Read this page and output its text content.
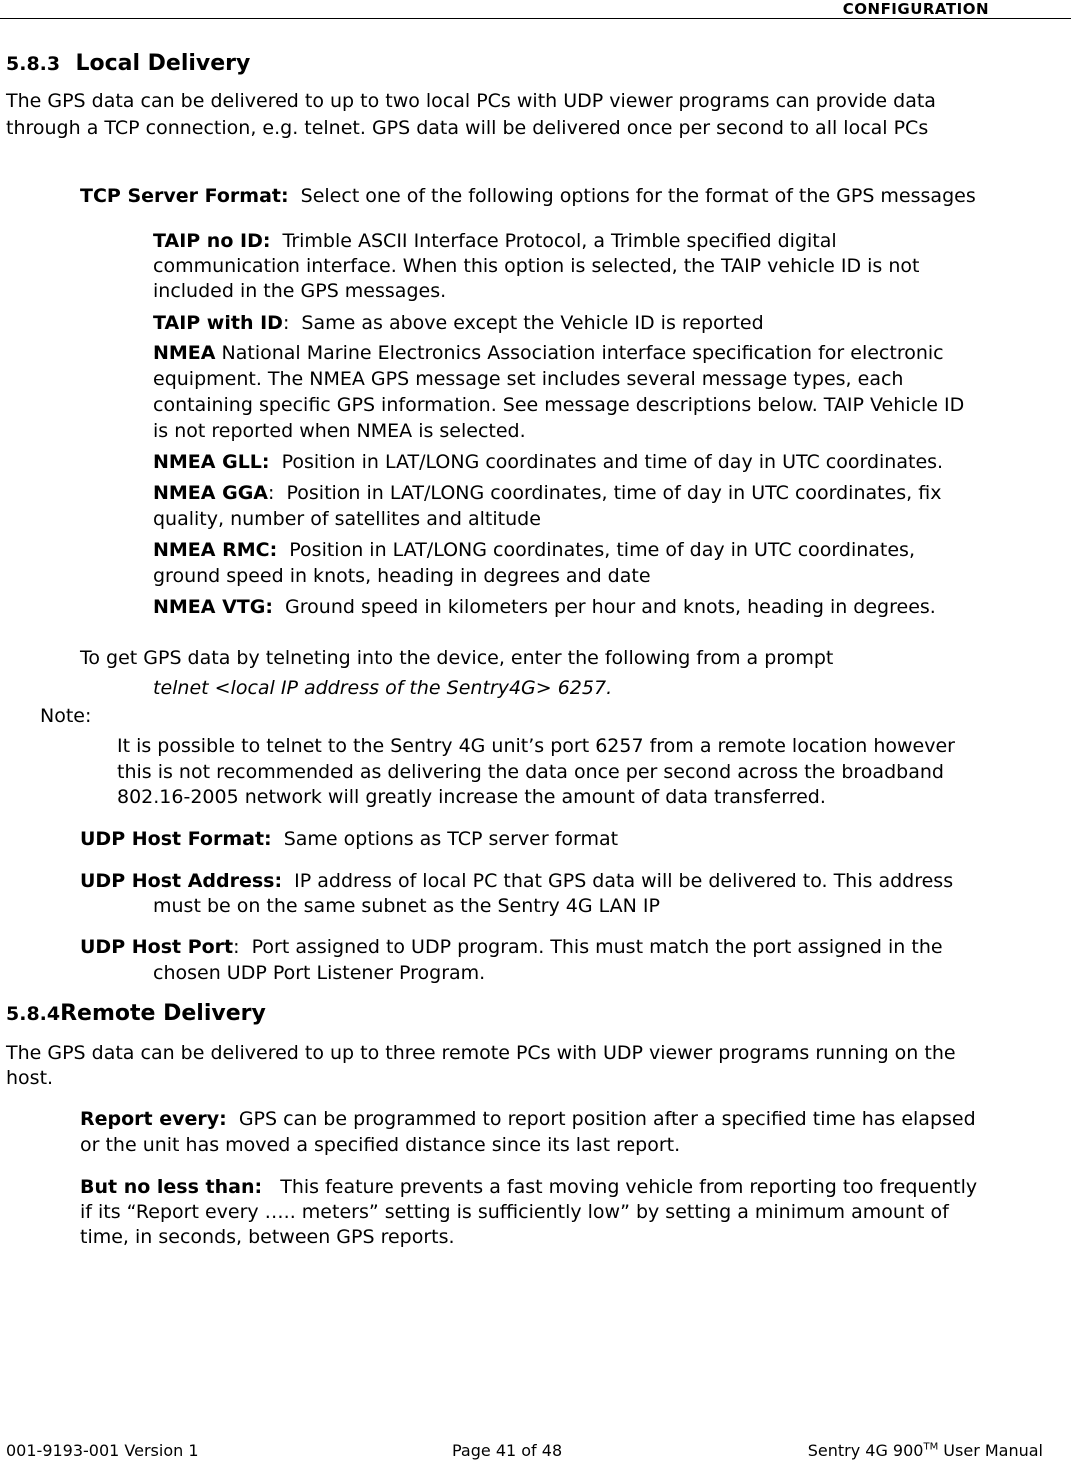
CONFIGURATION
5.8.3 Local Delivery
The GPS data can be delivered to up to two local PCs with UDP viewer programs can provide data
through a TCP connection, e.g. telnet. GPS data will be delivered once per second to all local PCs
TCP Server Format:  Select one of the following options for the format of the GPS messages
TAIP no ID:  Trimble ASCII Interface Protocol, a Trimble specified digital
communication interface. When this option is selected, the TAIP vehicle ID is not
included in the GPS messages.
TAIP with ID:  Same as above except the Vehicle ID is reported
NMEA National Marine Electronics Association interface specification for electronic
equipment. The NMEA GPS message set includes several message types, each
containing specific GPS information. See message descriptions below. TAIP Vehicle ID
is not reported when NMEA is selected.
NMEA GLL:  Position in LAT/LONG coordinates and time of day in UTC coordinates.
NMEA GGA:  Position in LAT/LONG coordinates, time of day in UTC coordinates, fix
quality, number of satellites and altitude
NMEA RMC:  Position in LAT/LONG coordinates, time of day in UTC coordinates,
ground speed in knots, heading in degrees and date
NMEA VTG:  Ground speed in kilometers per hour and knots, heading in degrees.
To get GPS data by telneting into the device, enter the following from a prompt
telnet <local IP address of the Sentry4G> 6257.
Note:
It is possible to telnet to the Sentry 4G unit’s port 6257 from a remote location however
this is not recommended as delivering the data once per second across the broadband
802.16-2005 network will greatly increase the amount of data transferred.
UDP Host Format:  Same options as TCP server format
UDP Host Address:  IP address of local PC that GPS data will be delivered to. This address
must be on the same subnet as the Sentry 4G LAN IP
UDP Host Port:  Port assigned to UDP program. This must match the port assigned in the
chosen UDP Port Listener Program.
5.8.4Remote Delivery
The GPS data can be delivered to up to three remote PCs with UDP viewer programs running on the
host.
Report every:  GPS can be programmed to report position after a specified time has elapsed
or the unit has moved a specified distance since its last report.
But no less than:   This feature prevents a fast moving vehicle from reporting too frequently
if its “Report every ….. meters” setting is sufficiently low” by setting a minimum amount of
time, in seconds, between GPS reports.
001-9193-001 Version 1	Page 41 of 48	Sentry 4G 900™ User Manual
